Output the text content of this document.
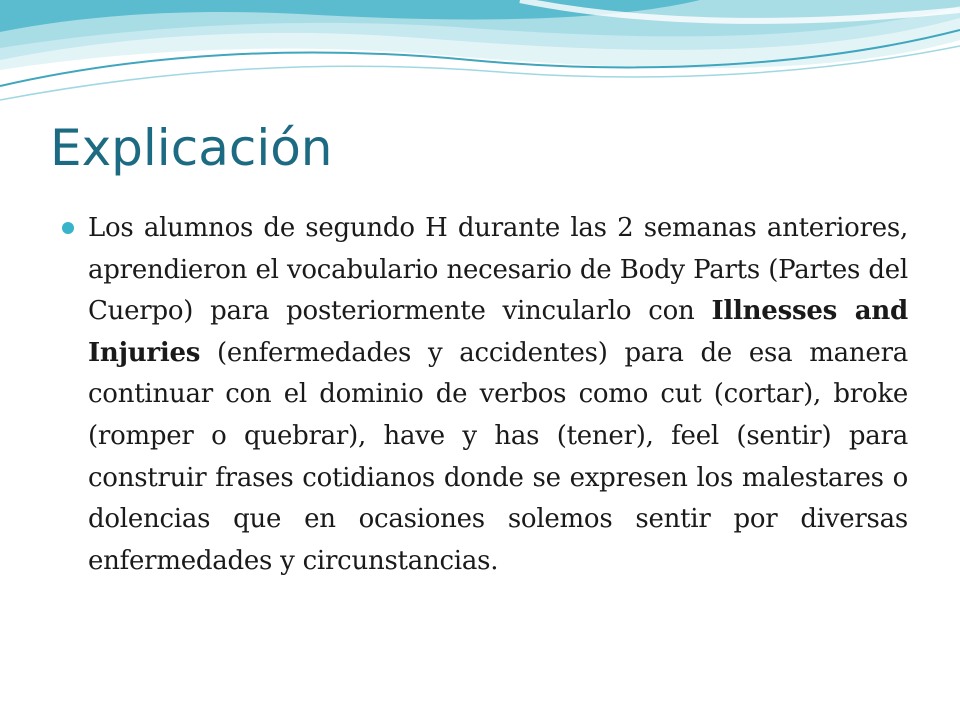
Explicación

Los alumnos de segundo H durante las 2 semanas anteriores, aprendieron el vocabulario necesario de Body Parts (Partes del Cuerpo) para posteriormente vincularlo con Illnesses and Injuries (enfermedades y accidentes) para de esa manera continuar con el dominio de verbos como cut (cortar), broke (romper o quebrar), have y has (tener), feel (sentir) para construir frases cotidianos donde se expresen los malestares o dolencias que en ocasiones solemos sentir por diversas enfermedades y circunstancias.
